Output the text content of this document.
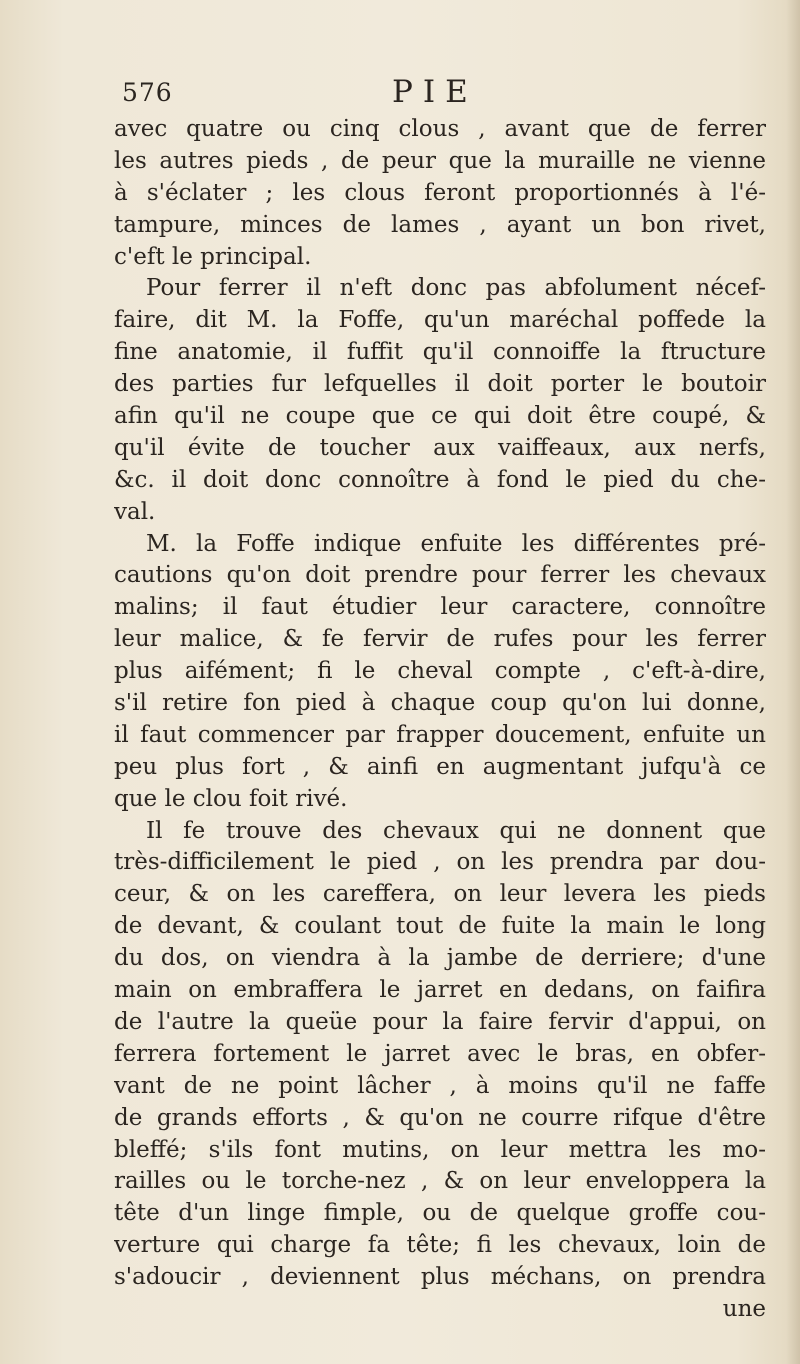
576	PIE
avec quatre ou cinq clous , avant que de ferrer
les autres pieds , de peur que la muraille ne vienne
à s'éclater ; les clous feront proportionnés à l'é-
tampure, minces de lames , ayant un bon rivet,
c'eft le principal.
Pour ferrer il n'eft donc pas abfolument nécef-
faire, dit M. la Foffe, qu'un maréchal poffede la
fine anatomie, il fuffit qu'il connoiffe la ftructure
des parties fur lefquelles il doit porter le boutoir
afin qu'il ne coupe que ce qui doit être coupé, &
qu'il évite de toucher aux vaiffeaux, aux nerfs,
&c. il doit donc connoître à fond le pied du che-
val.
M. la Foffe indique enfuite les différentes pré-
cautions qu'on doit prendre pour ferrer les chevaux
malins; il faut étudier leur caractere, connoître
leur malice, & fe fervir de rufes pour les ferrer
plus aifément; fi le cheval compte , c'eft-à-dire,
s'il retire fon pied à chaque coup qu'on lui donne,
il faut commencer par frapper doucement, enfuite un
peu plus fort , & ainfi en augmentant jufqu'à ce
que le clou foit rivé.
Il fe trouve des chevaux qui ne donnent que
très-difficilement le pied , on les prendra par dou-
ceur, & on les careffera, on leur levera les pieds
de devant, & coulant tout de fuite la main le long
du dos, on viendra à la jambe de derriere; d'une
main on embraffera le jarret en dedans, on faifira
de l'autre la queüe pour la faire fervir d'appui, on
ferrera fortement le jarret avec le bras, en obfer-
vant de ne point lâcher , à moins qu'il ne faffe
de grands efforts , & qu'on ne courre rifque d'être
bleffé; s'ils font mutins, on leur mettra les mo-
railles ou le torche-nez , & on leur enveloppera la
tête d'un linge fimple, ou de quelque groffe cou-
verture qui charge fa tête; fi les chevaux, loin de
s'adoucir , deviennent plus méchans, on prendra
une
